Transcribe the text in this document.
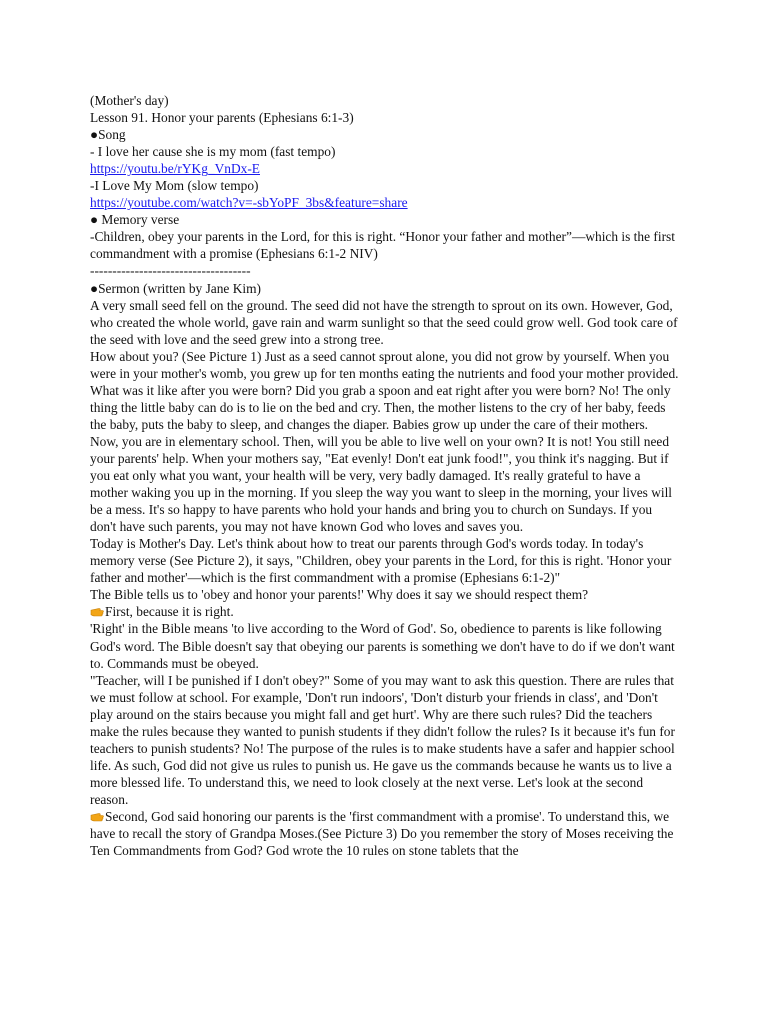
(Mother's day)
Lesson 91. Honor your parents (Ephesians 6:1-3)
●Song
- I love her cause she is my mom (fast tempo)
https://youtu.be/rYKg_VnDx-E
-I Love My Mom (slow tempo)
https://youtube.com/watch?v=-sbYoPF_3bs&feature=share
● Memory verse
-Children, obey your parents in the Lord, for this is right. “Honor your father and mother”—which is the first commandment with a promise (Ephesians 6:1-2 NIV)
------------------------------------
●Sermon (written by Jane Kim)
A very small seed fell on the ground. The seed did not have the strength to sprout on its own. However, God, who created the whole world, gave rain and warm sunlight so that the seed could grow well. God took care of the seed with love and the seed grew into a strong tree.
How about you? (See Picture 1) Just as a seed cannot sprout alone, you did not grow by yourself. When you were in your mother's womb, you grew up for ten months eating the nutrients and food your mother provided. What was it like after you were born? Did you grab a spoon and eat right after you were born? No! The only thing the little baby can do is to lie on the bed and cry. Then, the mother listens to the cry of her baby, feeds the baby, puts the baby to sleep, and changes the diaper. Babies grow up under the care of their mothers.
Now, you are in elementary school. Then, will you be able to live well on your own? It is not! You still need your parents' help. When your mothers say, "Eat evenly! Don't eat junk food!", you think it's nagging. But if you eat only what you want, your health will be very, very badly damaged. It's really grateful to have a mother waking you up in the morning. If you sleep the way you want to sleep in the morning, your lives will be a mess. It's so happy to have parents who hold your hands and bring you to church on Sundays. If you don't have such parents, you may not have known God who loves and saves you.
Today is Mother's Day. Let's think about how to treat our parents through God's words today. In today's memory verse (See Picture 2), it says, "Children, obey your parents in the Lord, for this is right. 'Honor your father and mother'—which is the first commandment with a promise (Ephesians 6:1-2)"
The Bible tells us to 'obey and honor your parents!' Why does it say we should respect them?
First, because it is right.
'Right' in the Bible means 'to live according to the Word of God'. So, obedience to parents is like following God's word. The Bible doesn't say that obeying our parents is something we don't have to do if we don't want to. Commands must be obeyed.
"Teacher, will I be punished if I don't obey?" Some of you may want to ask this question. There are rules that we must follow at school. For example, 'Don't run indoors', 'Don't disturb your friends in class', and 'Don't play around on the stairs because you might fall and get hurt'. Why are there such rules? Did the teachers make the rules because they wanted to punish students if they didn't follow the rules? Is it because it's fun for teachers to punish students? No! The purpose of the rules is to make students have a safer and happier school life. As such, God did not give us rules to punish us. He gave us the commands because he wants us to live a more blessed life. To understand this, we need to look closely at the next verse. Let's look at the second reason.
Second, God said honoring our parents is the 'first commandment with a promise'. To understand this, we have to recall the story of Grandpa Moses.(See Picture 3) Do you remember the story of Moses receiving the Ten Commandments from God? God wrote the 10 rules on stone tablets that the
